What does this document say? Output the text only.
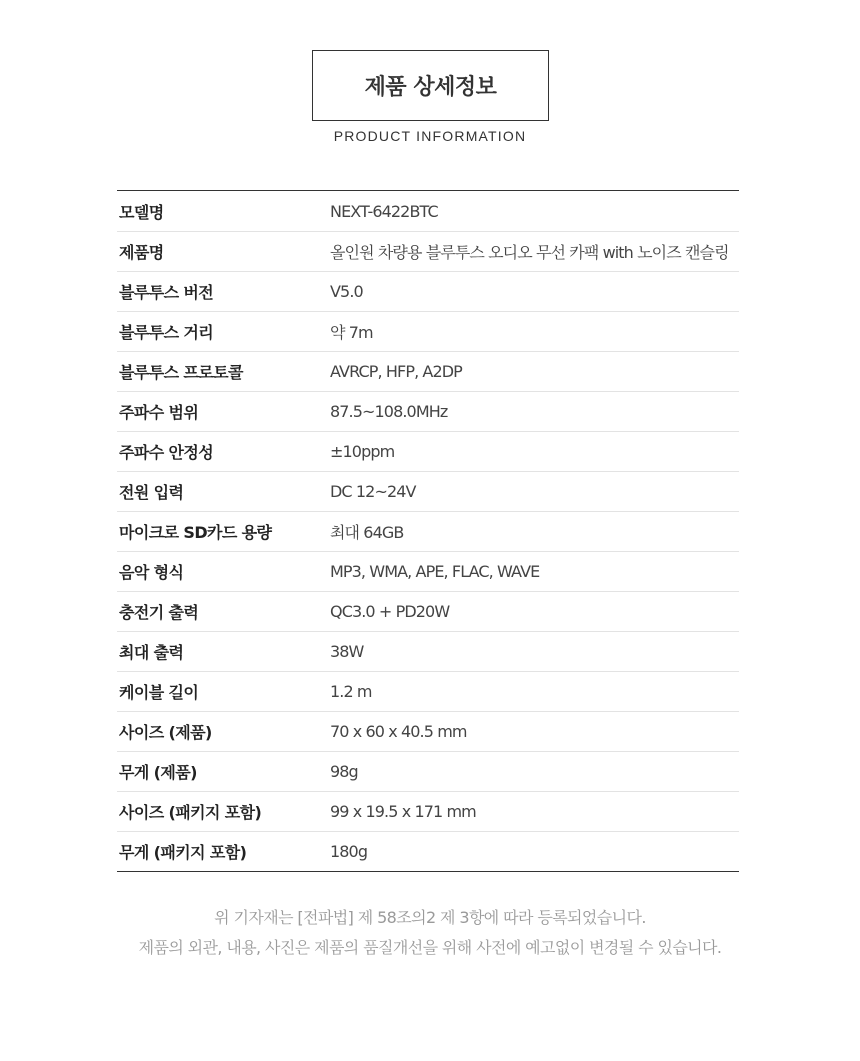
제품 상세정보
PRODUCT INFORMATION
모델명	NEXT-6422BTC
제품명	올인원 차량용 블루투스 오디오 무선 카팩 with 노이즈 캔슬링
블루투스 버전	V5.0
블루투스 거리	약 7m
블루투스 프로토콜	AVRCP, HFP, A2DP
주파수 범위	87.5~108.0MHz
주파수 안정성	±10ppm
전원 입력	DC 12~24V
마이크로 SD카드 용량	최대 64GB
음악 형식	MP3, WMA, APE, FLAC, WAVE
충전기 출력	QC3.0 + PD20W
최대 출력	38W
케이블 길이	1.2 m
사이즈 (제품)	70 x 60 x 40.5 mm
무게 (제품)	98g
사이즈 (패키지 포함)	99 x 19.5 x 171 mm
무게 (패키지 포함)	180g
위 기자재는 [전파법] 제 58조의2 제 3항에 따라 등록되었습니다.
제품의 외관, 내용, 사진은 제품의 품질개선을 위해 사전에 예고없이 변경될 수 있습니다.
